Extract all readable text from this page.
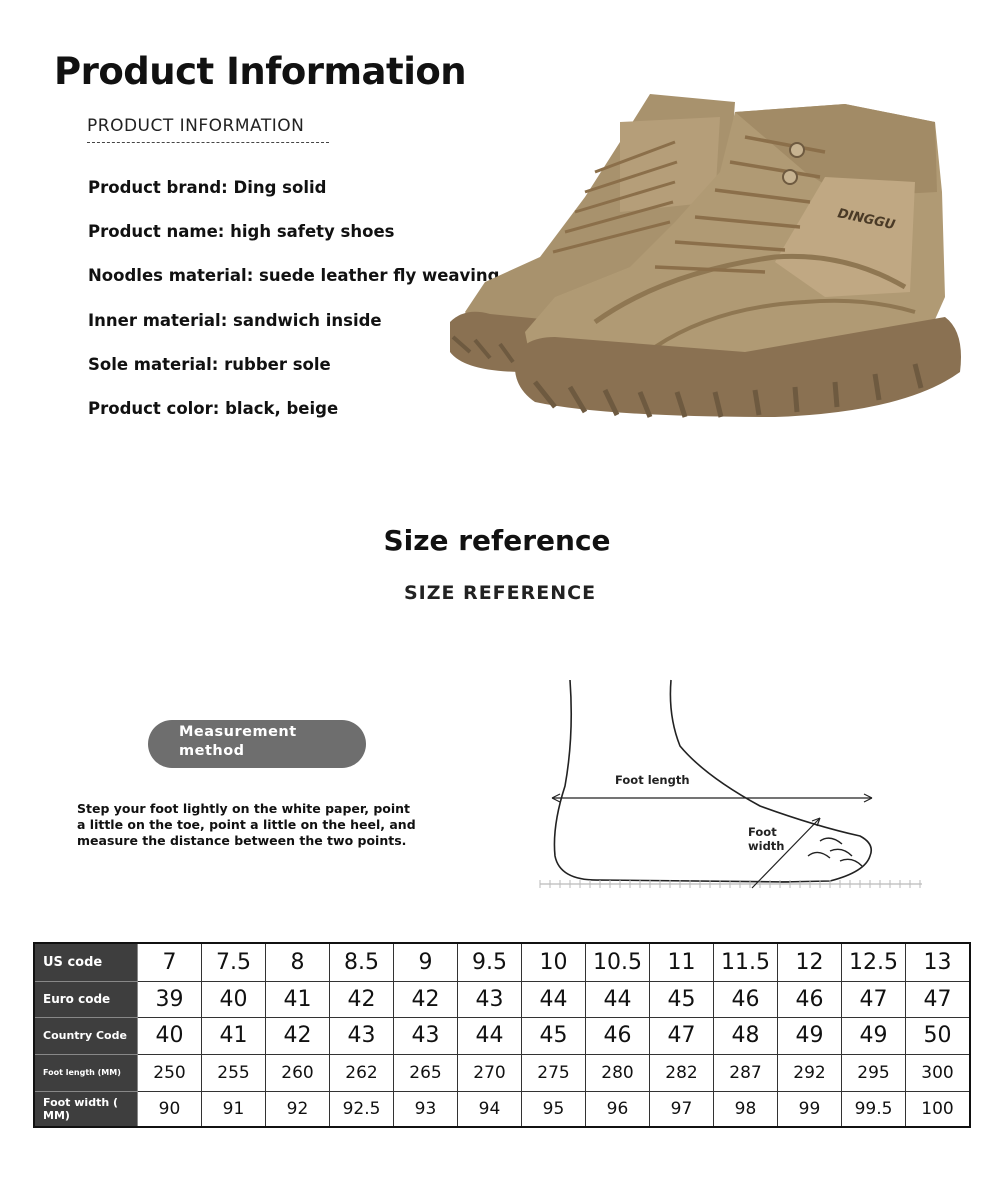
Product Information
PRODUCT INFORMATION
Product brand: Ding solid
Product name: high safety shoes
Noodles material: suede leather fly weaving
Inner material: sandwich inside
Sole material: rubber sole
Product color: black, beige
DINGGU
Size reference
SIZE REFERENCE
Measurement
method
Step your foot lightly on the white paper, point a little on the toe, point a little on the heel, and measure the distance between the two points.
Foot length
Foot
width
US code	7	7.5	8	8.5	9	9.5	10	10.5	11	11.5	12	12.5	13
Euro code	39	40	41	42	42	43	44	44	45	46	46	47	47
Country Code	40	41	42	43	43	44	45	46	47	48	49	49	50
Foot length (MM)	250	255	260	262	265	270	275	280	282	287	292	295	300
Foot width ( MM)	90	91	92	92.5	93	94	95	96	97	98	99	99.5	100
